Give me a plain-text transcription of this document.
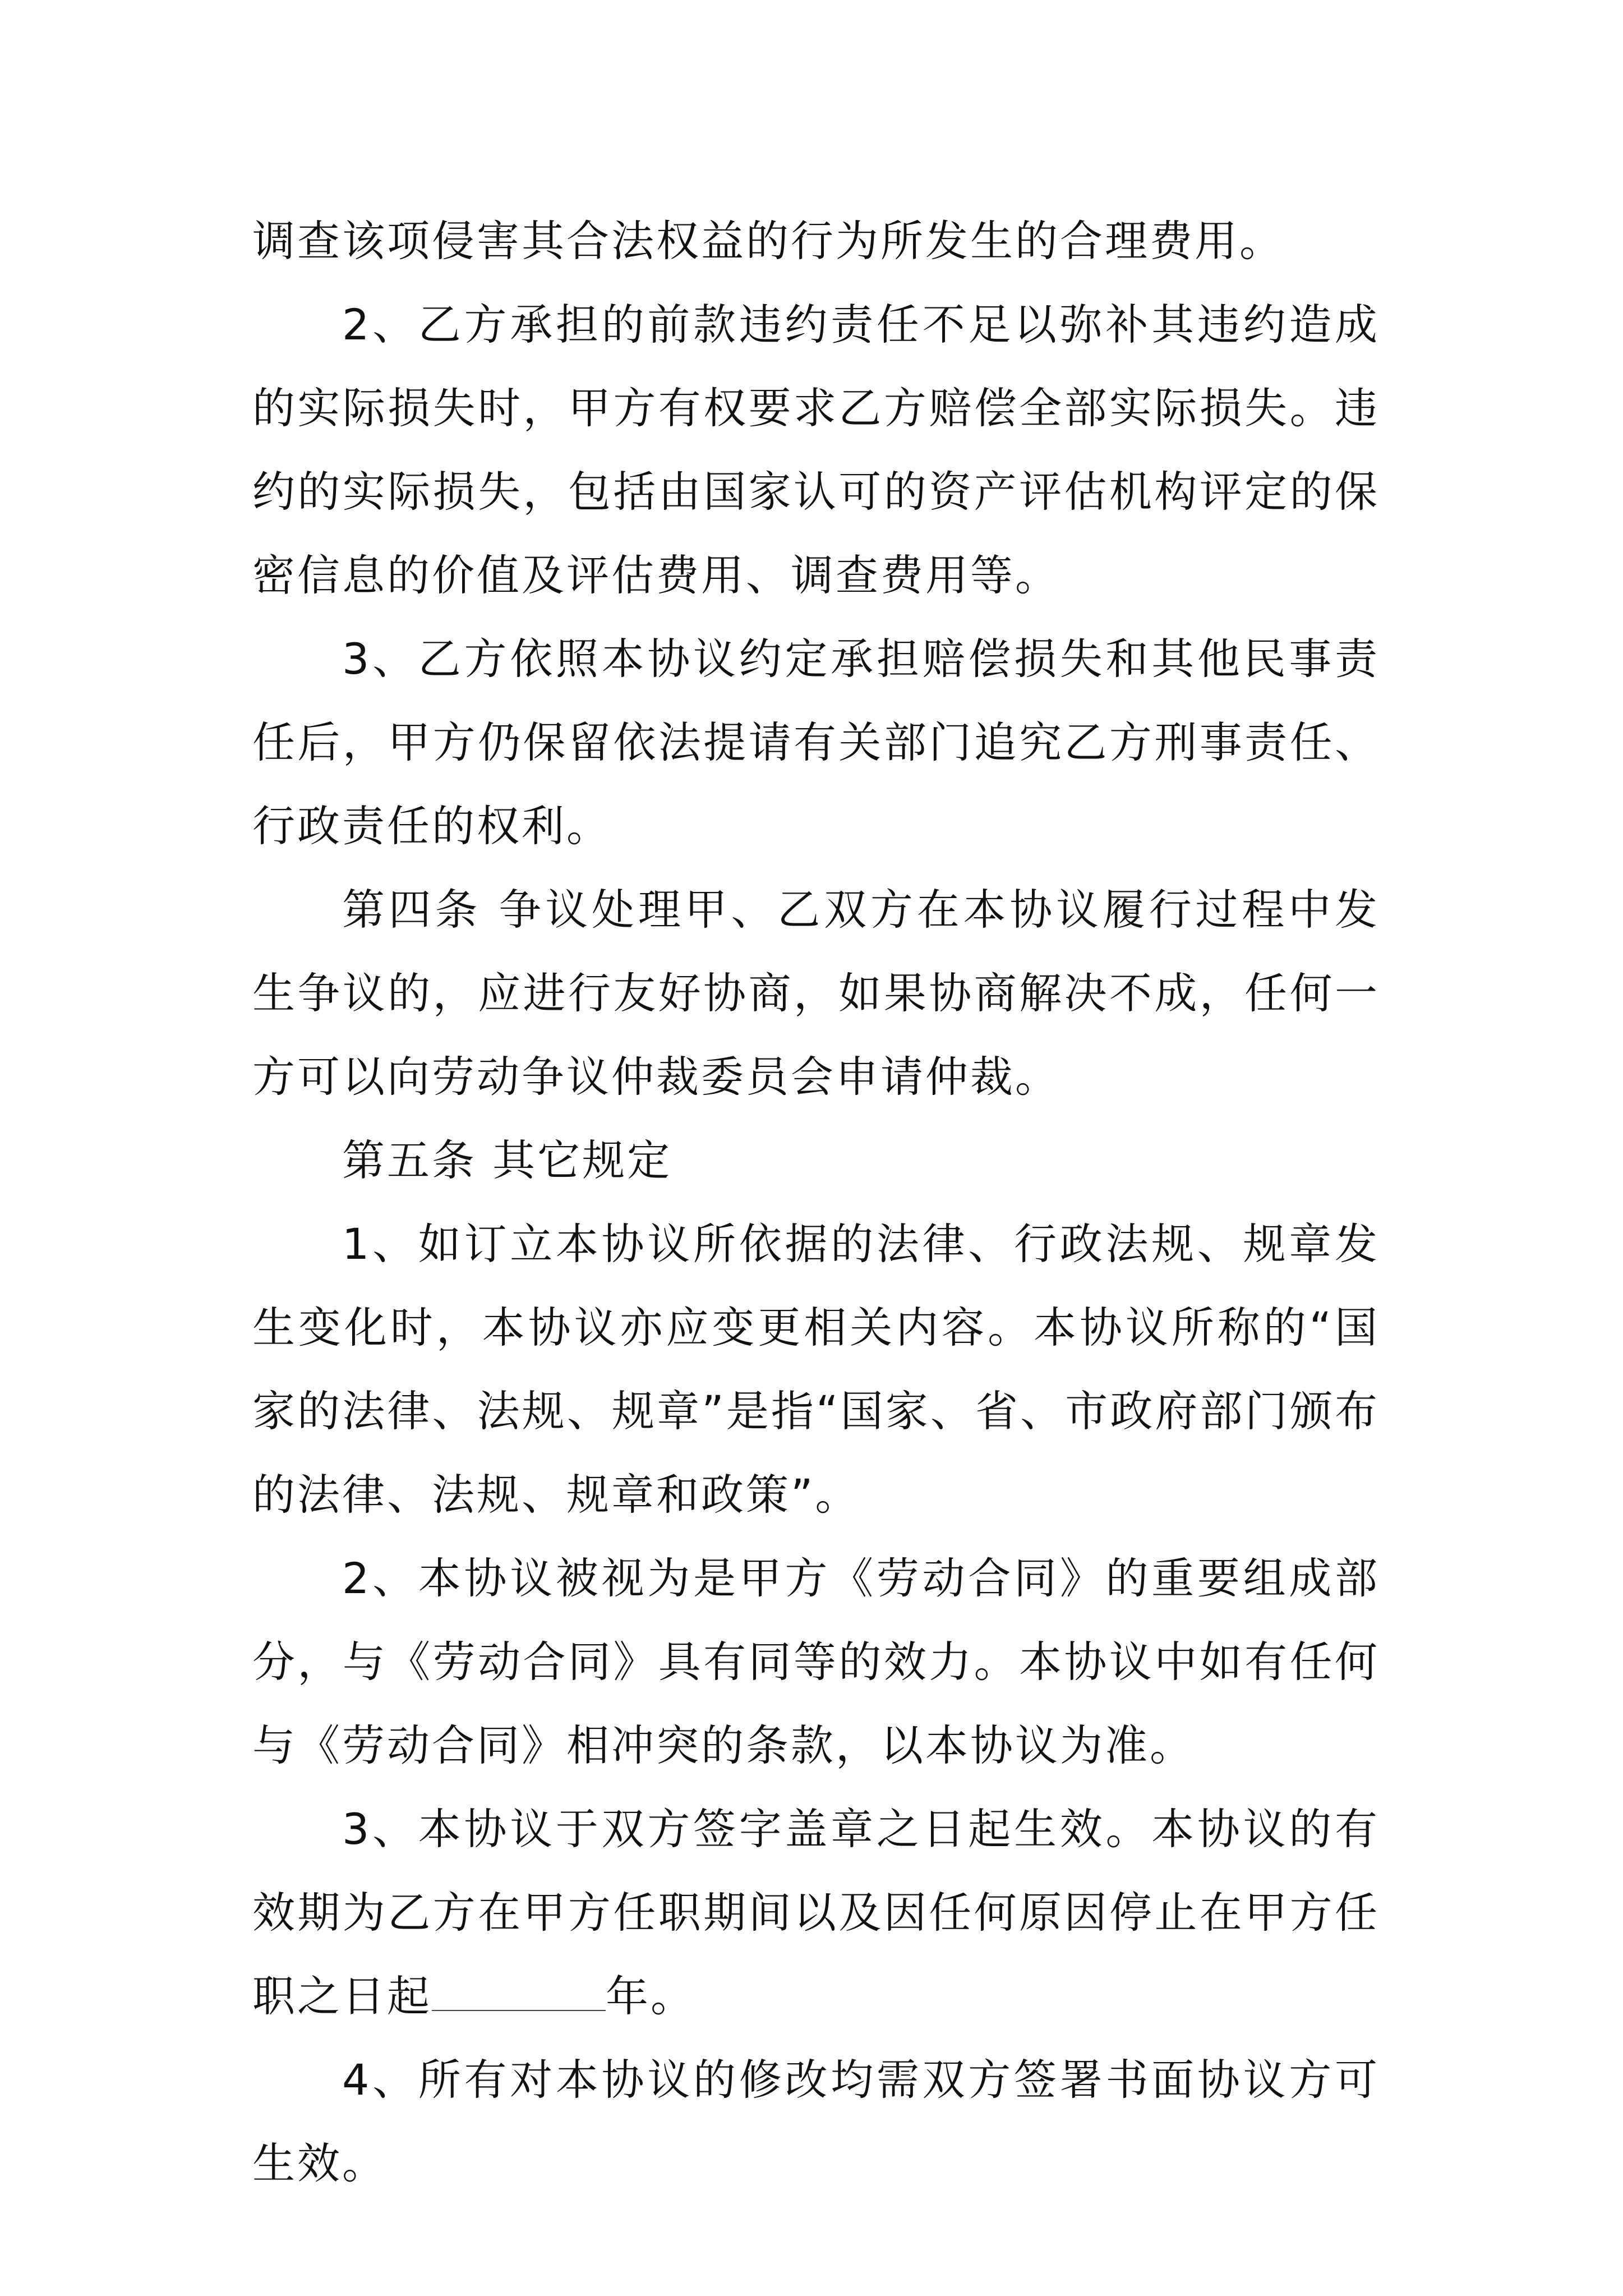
调查该项侵害其合法权益的行为所发生的合理费用。

2、乙方承担的前款违约责任不足以弥补其违约造成的实际损失时，甲方有权要求乙方赔偿全部实际损失。违约的实际损失，包括由国家认可的资产评估机构评定的保密信息的价值及评估费用、调查费用等。

3、乙方依照本协议约定承担赔偿损失和其他民事责任后，甲方仍保留依法提请有关部门追究乙方刑事责任、行政责任的权利。

第四条 争议处理甲、乙双方在本协议履行过程中发生争议的，应进行友好协商，如果协商解决不成，任何一方可以向劳动争议仲裁委员会申请仲裁。

第五条 其它规定

1、如订立本协议所依据的法律、行政法规、规章发生变化时，本协议亦应变更相关内容。本协议所称的“国家的法律、法规、规章”是指“国家、省、市政府部门颁布的法律、法规、规章和政策”。

2、本协议被视为是甲方《劳动合同》的重要组成部分，与《劳动合同》具有同等的效力。本协议中如有任何与《劳动合同》相冲突的条款，以本协议为准。

3、本协议于双方签字盖章之日起生效。本协议的有效期为乙方在甲方任职期间以及因任何原因停止在甲方任职之日起	年。

4、所有对本协议的修改均需双方签署书面协议方可生效。
